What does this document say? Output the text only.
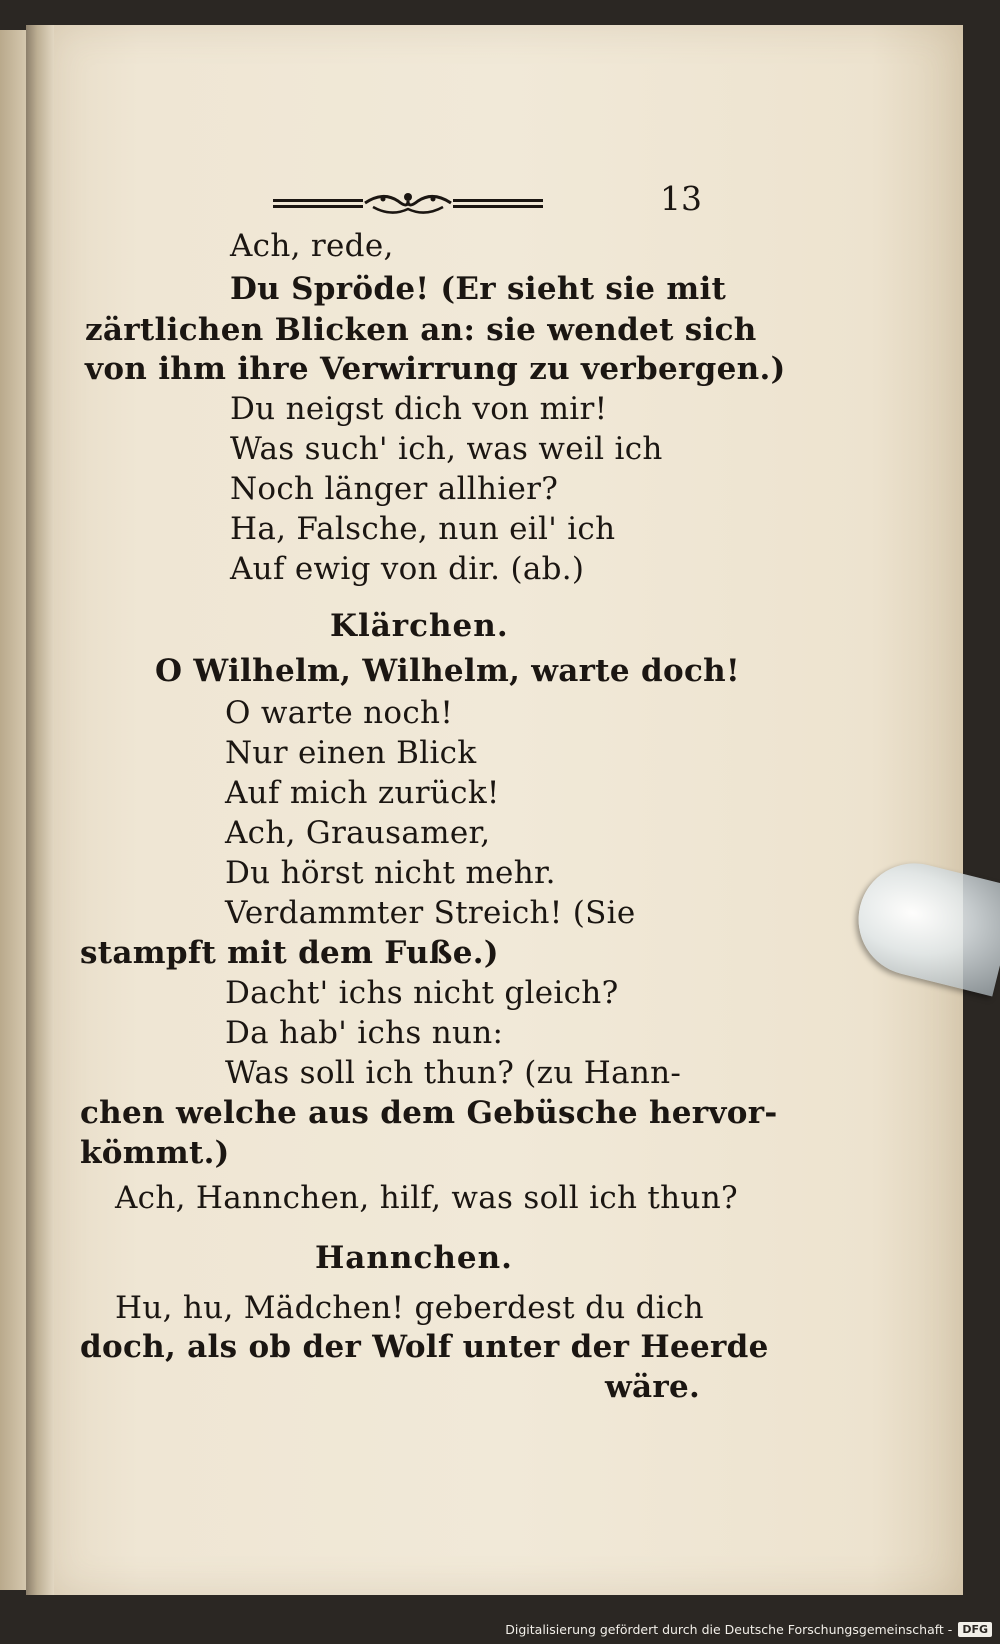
13
Ach, rede,
Du Spröde! (Er sieht sie mit
zärtlichen Blicken an: sie wendet sich
von ihm ihre Verwirrung zu verbergen.)
Du neigst dich von mir!
Was such' ich, was weil ich
Noch länger allhier?
Ha, Falsche, nun eil' ich
Auf ewig von dir. (ab.)
Klärchen.
O Wilhelm, Wilhelm, warte doch!
O warte noch!
Nur einen Blick
Auf mich zurück!
Ach, Grausamer,
Du hörst nicht mehr.
Verdammter Streich! (Sie
stampft mit dem Fuße.)
Dacht' ichs nicht gleich?
Da hab' ichs nun:
Was soll ich thun? (zu Hann-
chen welche aus dem Gebüsche hervor-
kömmt.)
Ach, Hannchen, hilf, was soll ich thun?
Hannchen.
Hu, hu, Mädchen! geberdest du dich
doch, als ob der Wolf unter der Heerde
wäre.
Digitalisierung gefördert durch die Deutsche Forschungsgemeinschaft - DFG
